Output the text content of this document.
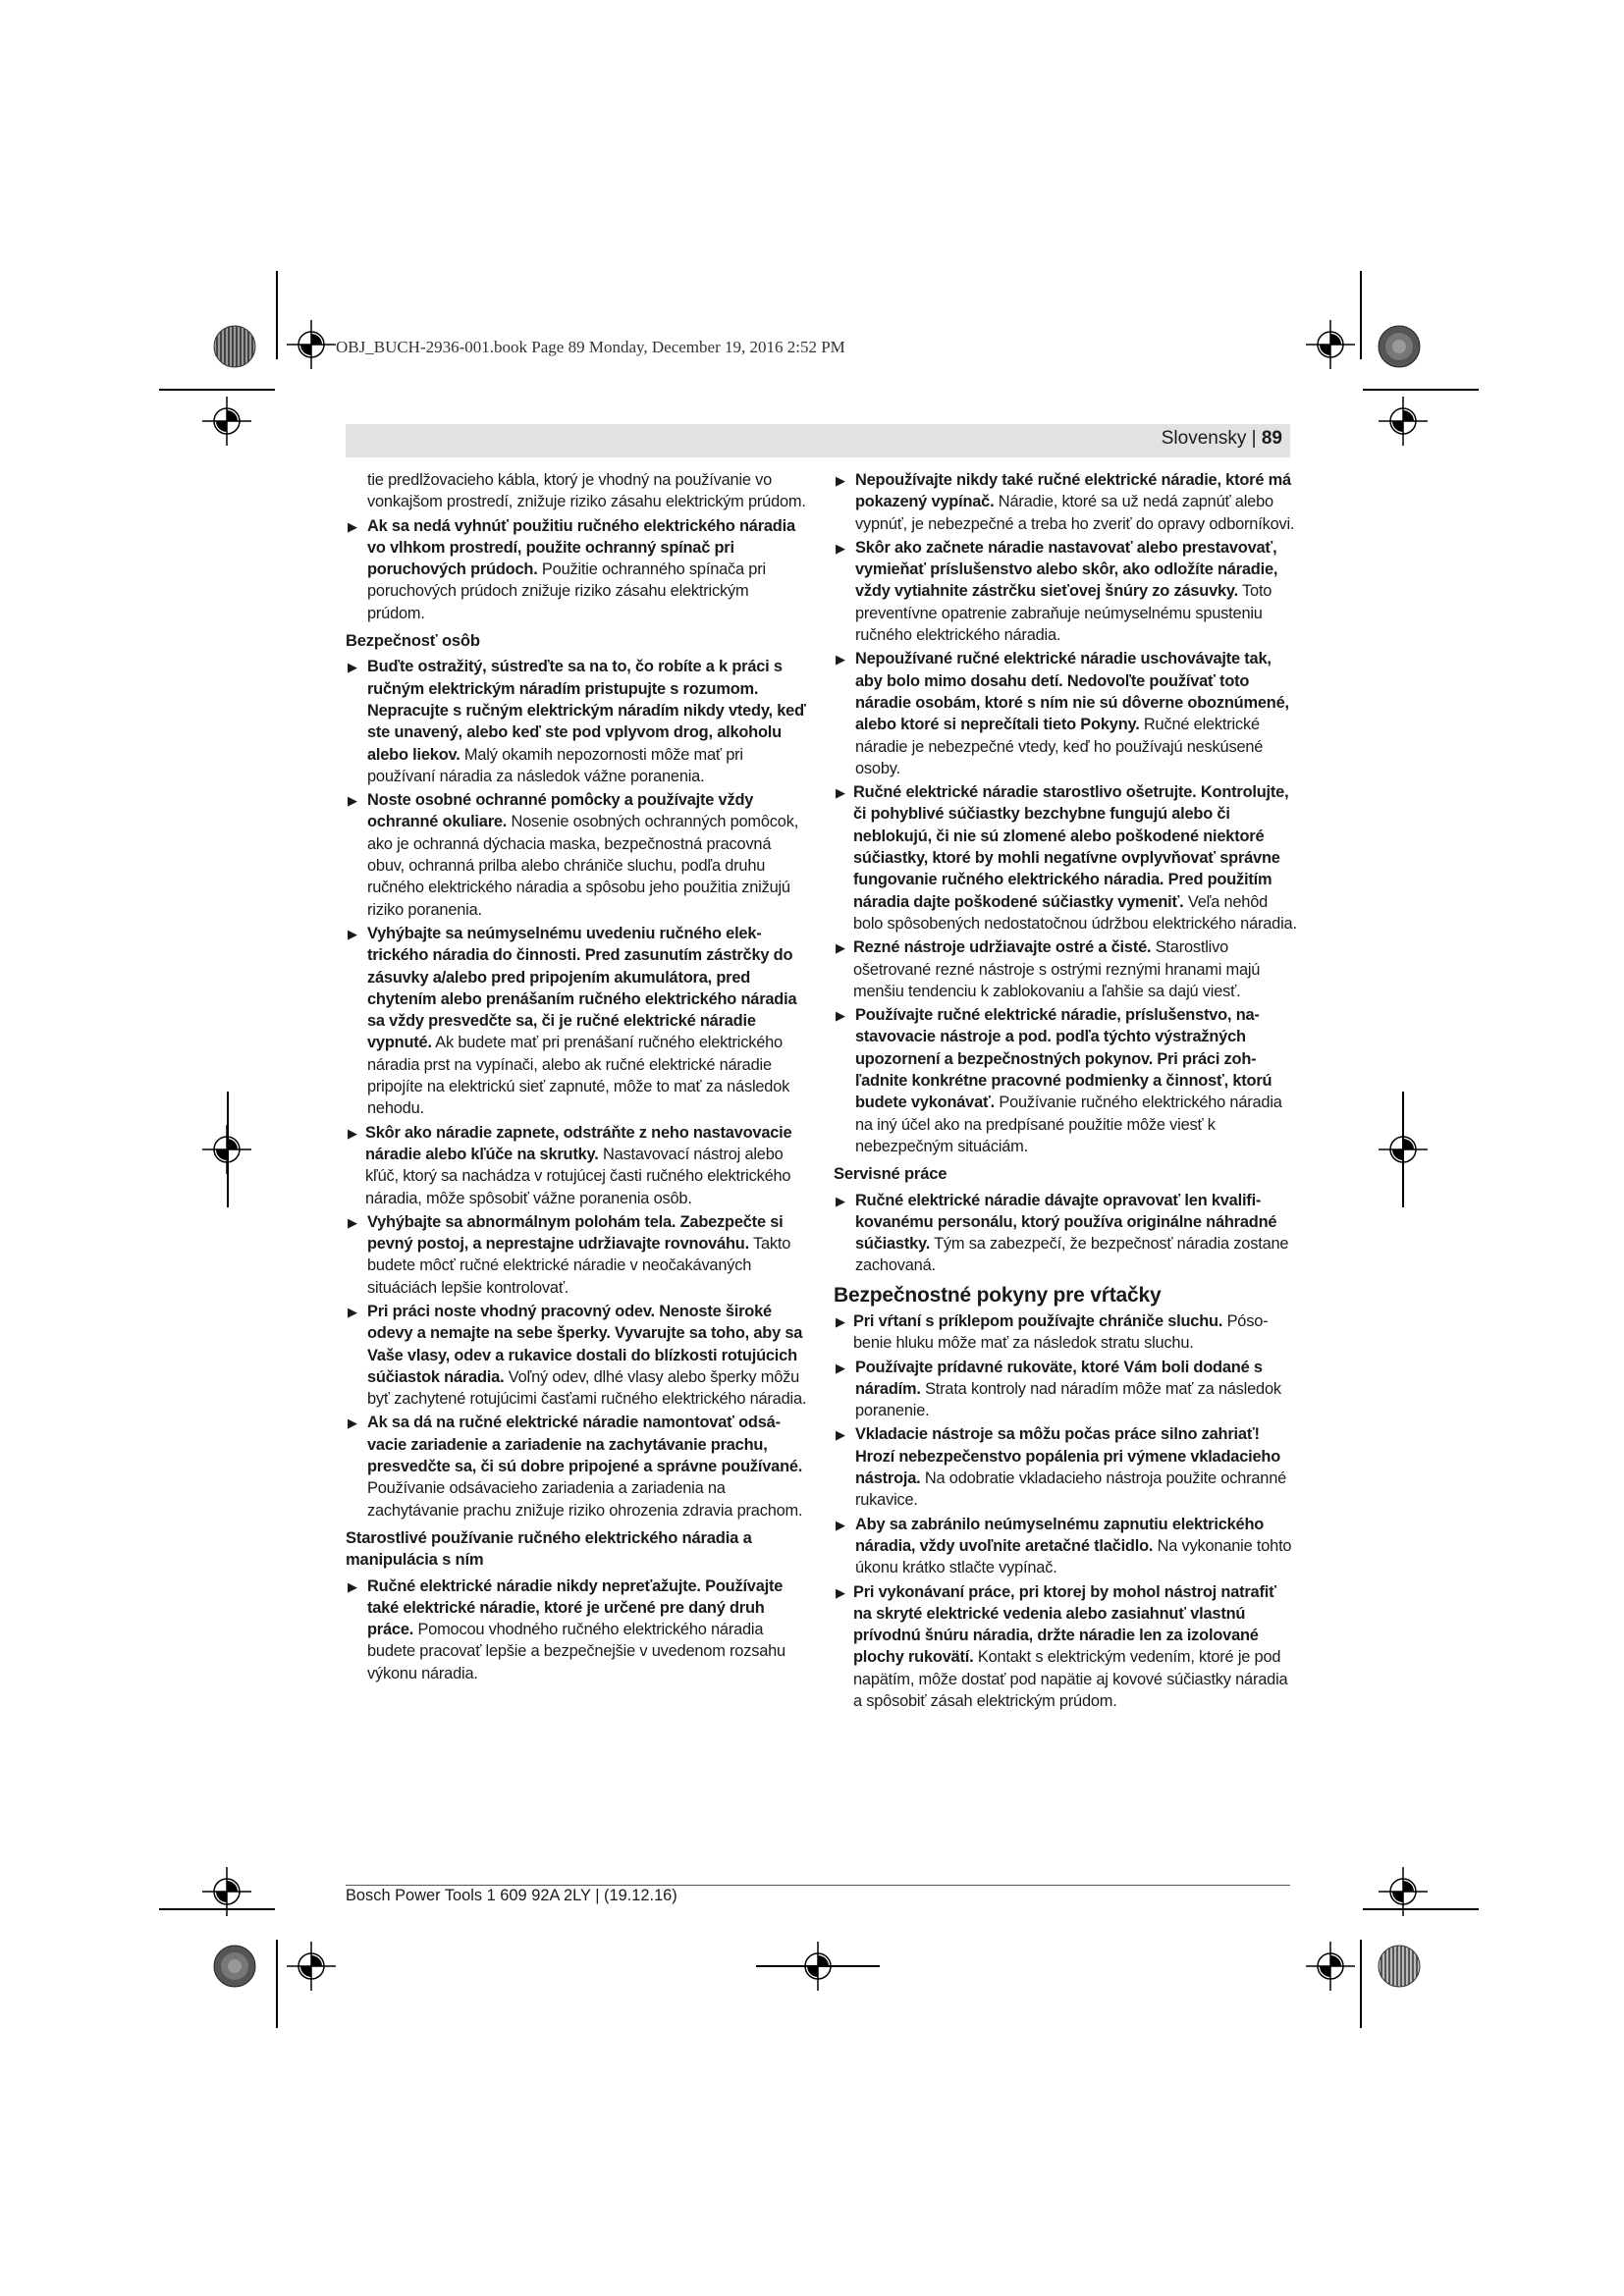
OBJ_BUCH-2936-001.book Page 89 Monday, December 19, 2016 2:52 PM
Slovensky | 89

tie predlžovacieho kábla, ktorý je vhodný na používanie vo vonkajšom prostredí, znižuje riziko zásahu elektrickým prúdom.

▶ Ak sa nedá vyhnúť použitiu ručného elektrického náradia vo vlhkom prostredí, použite ochranný spínač pri poruchových prúdoch. Použitie ochranného spínača pri poruchových prúdoch znižuje riziko zásahu elektrickým prúdom.
Bezpečnosť osôb
▶ Buďte ostražitý, sústreďte sa na to, čo robíte a k práci s ručným elektrickým náradím pristupujte s rozumom. Nepracujte s ručným elektrickým náradím nikdy vtedy, keď ste unavený, alebo keď ste pod vplyvom drog, alkoholu alebo liekov. Malý okamih nepozornosti môže mať pri používaní náradia za následok vážne poranenia.
▶ Noste osobné ochranné pomôcky a používajte vždy ochranné okuliare. Nosenie osobných ochranných pomôcok, ako je ochranná dýchacia maska, bezpečnostná pracovná obuv, ochranná prilba alebo chrániče sluchu, podľa druhu ručného elektrického náradia a spôsobu jeho použitia znižujú riziko poranenia.
▶ Vyhýbajte sa neúmyselnému uvedeniu ručného elektrického náradia do činnosti. Pred zasunutím zástrčky do zásuvky a/alebo pred pripojením akumulátora, pred chytením alebo prenášaním ručného elektrického náradia sa vždy presvedčte sa, či je ručné elektrické náradie vypnuté. Ak budete mať pri prenášaní ručného elektrického náradia prst na vypínači, alebo ak ručné elektrické náradie pripojíte na elektrickú sieť zapnuté, môže to mať za následok nehodu.
▶ Skôr ako náradie zapnete, odstráňte z neho nastavovacie náradie alebo kľúče na skrutky. Nastavovací nástroj alebo kľúč, ktorý sa nachádza v rotujúcej časti ručného elektrického náradia, môže spôsobiť vážne poranenia osôb.
▶ Vyhýbajte sa abnormálnym polohám tela. Zabezpečte si pevný postoj, a neprestajne udržiavajte rovnováhu. Takto budete môcť ručné elektrické náradie v neočakávaných situáciách lepšie kontrolovať.
▶ Pri práci noste vhodný pracovný odev. Nenoste široké odevy a nemajte na sebe šperky. Vyvarujte sa toho, aby sa Vaše vlasy, odev a rukavice dostali do blízkosti rotujúcich súčiastok náradia. Voľný odev, dlhé vlasy alebo šperky môžu byť zachytené rotujúcimi časťami ručného elektrického náradia.
▶ Ak sa dá na ručné elektrické náradie namontovať odsávacie zariadenie a zariadenie na zachytávanie prachu, presvedčte sa, či sú dobre pripojené a správne používané. Používanie odsávacieho zariadenia a zariadenia na zachytávanie prachu znižuje riziko ohrozenia zdravia prachom.
Starostlivé používanie ručného elektrického náradia a manipulácia s ním
▶ Ručné elektrické náradie nikdy nepreťažujte. Používajte také elektrické náradie, ktoré je určené pre daný druh práce. Pomocou vhodného ručného elektrického náradia budete pracovať lepšie a bezpečnejšie v uvedenom rozsahu výkonu náradia.
▶ Nepoužívajte nikdy také ručné elektrické náradie, ktoré má pokazený vypínač. Náradie, ktoré sa už nedá zapnúť alebo vypnúť, je nebezpečné a treba ho zveriť do opravy odborníkovi.
▶ Skôr ako začnete náradie nastavovať alebo prestavovať, vymieňať príslušenstvo alebo skôr, ako odložíte náradie, vždy vytiahnite zástrčku sieťovej šnúry zo zásuvky. Toto preventívne opatrenie zabraňuje neúmyselnému spusteniu ručného elektrického náradia.
▶ Nepoužívané ručné elektrické náradie uschovávajte tak, aby bolo mimo dosahu detí. Nedovoľte používať toto náradie osobám, ktoré s ním nie sú dôverne oboznúmené, alebo ktoré si neprečítali tieto Pokyny. Ručné elektrické náradie je nebezpečné vtedy, keď ho používajú neskúsené osoby.
▶ Ručné elektrické náradie starostlivo ošetrujte. Kontrolujte, či pohyblivé súčiastky bezchybne fungujú alebo či neblokujú, či nie sú zlomené alebo poškodené niektoré súčiastky, ktoré by mohli negatívne ovplyvňovať správne fungovanie ručného elektrického náradia. Pred použitím náradia dajte poškodené súčiastky vymeniť. Veľa nehôd bolo spôsobených nedostatočnou údržbou elektrického náradia.
▶ Rezné nástroje udržiavajte ostré a čisté. Starostlivo ošetrované rezné nástroje s ostrými reznými hranami majú menšiu tendenciu k zablokovaniu a ľahšie sa dajú viesť.
▶ Používajte ručné elektrické náradie, príslušenstvo, nastavovacie nástroje a pod. podľa týchto výstražných upozornení a bezpečnostných pokynov. Pri práci zohľadnite konkrétne pracovné podmienky a činnosť, ktorú budete vykonávať. Používanie ručného elektrického náradia na iný účel ako na predpísané použitie môže viesť k nebezpečným situáciám.
Servisné práce
▶ Ručné elektrické náradie dávajte opravovať len kvalifikovanému personálu, ktorý používa originálne náhradné súčiastky. Tým sa zabezpečí, že bezpečnosť náradia zostane zachovaná.
Bezpečnostné pokyny pre vŕtačky
▶ Pri vŕtaní s príklepom používajte chrániče sluchu. Pósobenie hluku môže mať za následok stratu sluchu.
▶ Používajte prídavné rukoväte, ktoré Vám boli dodané s náradím. Strata kontroly nad náradím môže mať za následok poranenie.
▶ Vkladacie nástroje sa môžu počas práce silno zahriať! Hrozí nebezpečenstvo popálenia pri výmene vkladacieho nástroja. Na odobratie vkladacieho nástroja použite ochranné rukavice.
▶ Aby sa zabránilo neúmyselnému zapnutiu elektrického náradia, vždy uvoľnite aretačné tlačidlo. Na vykonanie tohto úkonu krátko stlačte vypínač.
▶ Pri vykonávaní práce, pri ktorej by mohol nástroj natrafiť na skryté elektrické vedenia alebo zasiahnuť vlastnú prívodnú šnúru náradia, držte náradie len za izolované plochy rukovätí. Kontakt s elektrickým vedením, ktoré je pod napätím, môže dostať pod napätie aj kovové súčiastky náradia a spôsobiť zásah elektrickým prúdom.
Bosch Power Tools 1 609 92A 2LY | (19.12.16)
